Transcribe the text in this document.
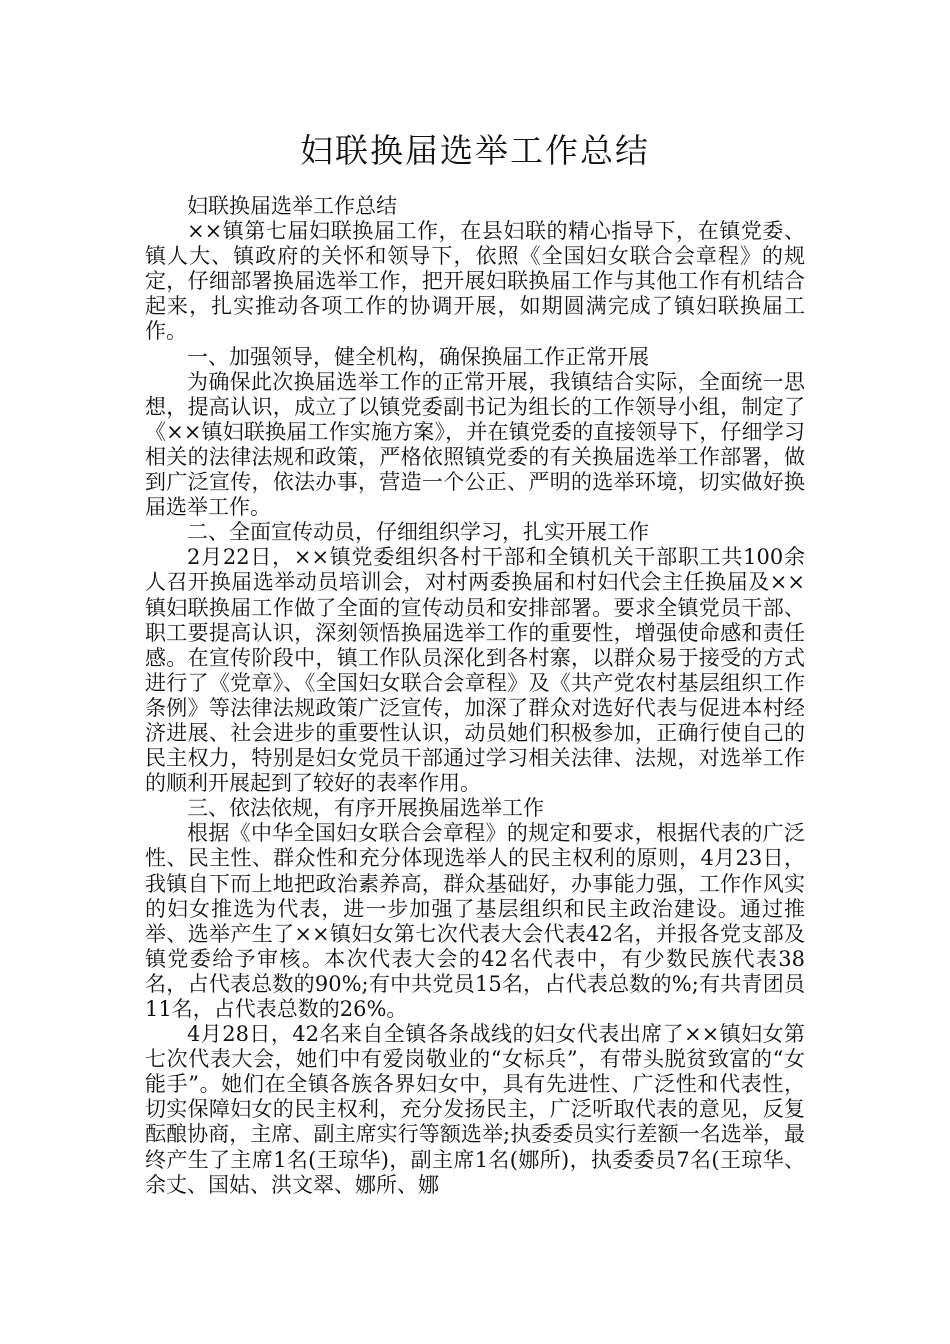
妇联换届选举工作总结

妇联换届选举工作总结

××镇第七届妇联换届工作，在县妇联的精心指导下，在镇党委、镇人大、镇政府的关怀和领导下，依照《全国妇女联合会章程》的规定，仔细部署换届选举工作，把开展妇联换届工作与其他工作有机结合起来，扎实推动各项工作的协调开展，如期圆满完成了镇妇联换届工作。

一、加强领导，健全机构，确保换届工作正常开展

为确保此次换届选举工作的正常开展，我镇结合实际，全面统一思想，提高认识，成立了以镇党委副书记为组长的工作领导小组，制定了《××镇妇联换届工作实施方案》，并在镇党委的直接领导下，仔细学习相关的法律法规和政策，严格依照镇党委的有关换届选举工作部署，做到广泛宣传，依法办事，营造一个公正、严明的选举环境，切实做好换届选举工作。

二、全面宣传动员，仔细组织学习，扎实开展工作

2月22日，××镇党委组织各村干部和全镇机关干部职工共100余人召开换届选举动员培训会，对村两委换届和村妇代会主任换届及××镇妇联换届工作做了全面的宣传动员和安排部署。要求全镇党员干部、职工要提高认识，深刻领悟换届选举工作的重要性，增强使命感和责任感。在宣传阶段中，镇工作队员深化到各村寨，以群众易于接受的方式进行了《党章》、《全国妇女联合会章程》及《共产党农村基层组织工作条例》等法律法规政策广泛宣传，加深了群众对选好代表与促进本村经济进展、社会进步的重要性认识，动员她们积极参加，正确行使自己的民主权力，特别是妇女党员干部通过学习相关法律、法规，对选举工作的顺利开展起到了较好的表率作用。

三、依法依规，有序开展换届选举工作

根据《中华全国妇女联合会章程》的规定和要求，根据代表的广泛性、民主性、群众性和充分体现选举人的民主权利的原则，4月23日，我镇自下而上地把政治素养高，群众基础好，办事能力强，工作作风实的妇女推选为代表，进一步加强了基层组织和民主政治建设。通过推举、选举产生了××镇妇女第七次代表大会代表42名，并报各党支部及镇党委给予审核。本次代表大会的42名代表中，有少数民族代表38名，占代表总数的90%;有中共党员15名，占代表总数的%;有共青团员11名，占代表总数的26%。

4月28日，42名来自全镇各条战线的妇女代表出席了××镇妇女第七次代表大会，她们中有爱岗敬业的“女标兵”，有带头脱贫致富的“女能手”。她们在全镇各族各界妇女中，具有先进性、广泛性和代表性，切实保障妇女的民主权利，充分发扬民主，广泛听取代表的意见，反复酝酿协商，主席、副主席实行等额选举;执委委员实行差额一名选举，最终产生了主席1名(王琼华)，副主席1名(娜所)，执委委员7名(王琼华、余丈、国姑、洪文翠、娜所、娜
